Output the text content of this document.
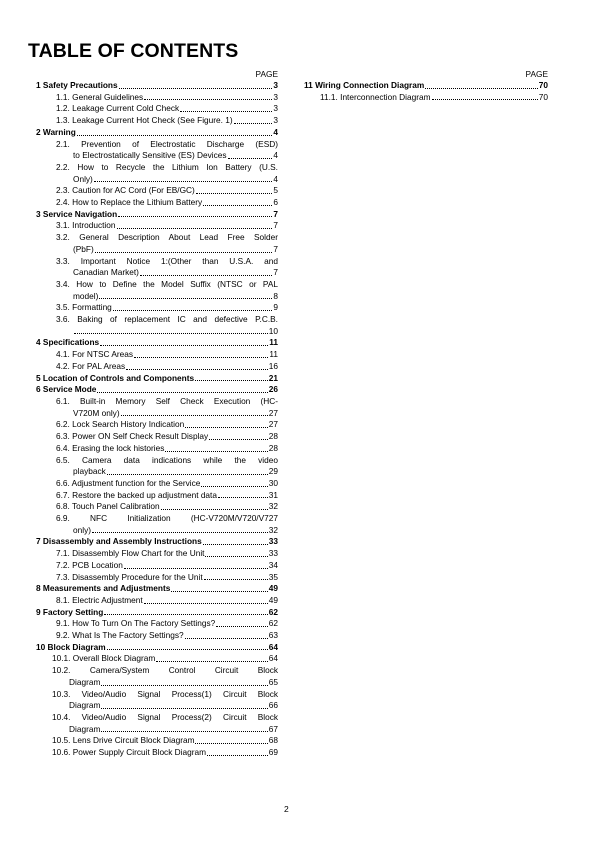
TABLE OF CONTENTS
PAGE
1 Safety Precautions	3
1.1. General Guidelines	3
1.2. Leakage Current Cold Check	3
1.3. Leakage Current Hot Check (See Figure. 1)	3
2 Warning	4
2.1. Prevention of Electrostatic Discharge (ESD)
to Electrostatically Sensitive (ES) Devices	4
2.2. How to Recycle the Lithium Ion Battery (U.S.
Only)	4
2.3. Caution for AC Cord (For EB/GC)	5
2.4. How to Replace the Lithium Battery	6
3 Service Navigation	7
3.1. Introduction	7
3.2. General Description About Lead Free Solder
(PbF)	7
3.3. Important Notice 1:(Other than U.S.A. and
Canadian Market)	7
3.4. How to Define the Model Suffix (NTSC or PAL
model)	8
3.5. Formatting	9
3.6. Baking of replacement IC and defective P.C.B.
10
4 Specifications	11
4.1. For NTSC Areas	11
4.2. For PAL Areas	16
5 Location of Controls and Components	21
6 Service Mode	26
6.1. Built-in Memory Self Check Execution (HC-
V720M only)	27
6.2. Lock Search History Indication	27
6.3. Power ON Self Check Result Display	28
6.4. Erasing the lock histories	28
6.5. Camera data indications while the video
playback	29
6.6. Adjustment function for the Service	30
6.7. Restore the backed up adjustment data	31
6.8. Touch Panel Calibration	32
6.9. NFC Initialization (HC-V720M/V720/V727
only)	32
7 Disassembly and Assembly Instructions	33
7.1. Disassembly Flow Chart for the Unit	33
7.2. PCB Location	34
7.3. Disassembly Procedure for the Unit	35
8 Measurements and Adjustments	49
8.1. Electric Adjustment	49
9 Factory Setting	62
9.1. How To Turn On The Factory Settings?	62
9.2. What Is The Factory Settings?	63
10 Block Diagram	64
10.1. Overall Block Diagram	64
10.2. Camera/System Control Circuit Block
Diagram	65
10.3. Video/Audio Signal Process(1) Circuit Block
Diagram	66
10.4. Video/Audio Signal Process(2) Circuit Block
Diagram	67
10.5. Lens Drive Circuit Block Diagram	68
10.6. Power Supply Circuit Block Diagram	69
PAGE
11 Wiring Connection Diagram	70
11.1. Interconnection Diagram	70
2
